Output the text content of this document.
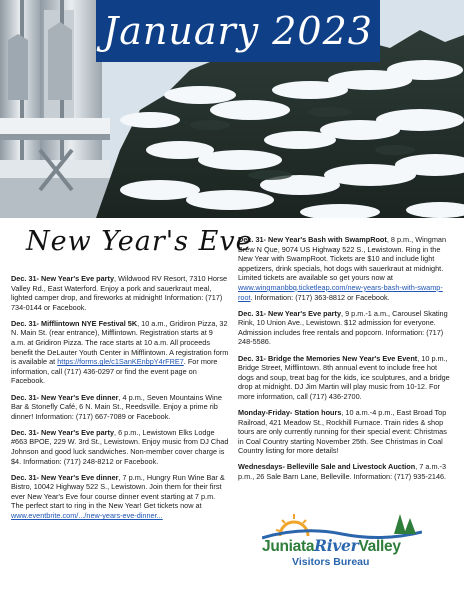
January 2023
New Year's Eve

Dec. 31- New Year's Eve party, Wildwood RV Resort, 7310 Horse Valley Rd., East Waterford. Enjoy a pork and sauerkraut meal, lighted camper drop, and fireworks at midnight! Information: (717) 734-0144 or Facebook.

Dec. 31- Mifflintown NYE Festival 5K, 10 a.m., Gridiron Pizza, 32 N. Main St. (rear entrance), Mifflintown. Registration starts at 9 a.m. at Gridiron Pizza. The race starts at 10 a.m. All proceeds benefit the DeLauter Youth Center in Mifflintown. A registration form is available at https://forms.gle/c1SanKEnbpY4rFRE7. For more information, call (717) 436-0297 or find the event page on Facebook.

Dec. 31- New Year's Eve dinner, 4 p.m., Seven Mountains Wine Bar & Stonefly Café, 6 N. Main St., Reedsville. Enjoy a prime rib dinner! Information: (717) 667-7089 or Facebook.

Dec. 31- New Year's Eve party, 6 p.m., Lewistown Elks Lodge #663 BPOE, 229 W. 3rd St., Lewistown. Enjoy music from DJ Chad Johnson and good luck sandwiches. Non-member cover charge is $4. Information: (717) 248-8212 or Facebook.

Dec. 31- New Year's Eve dinner, 7 p.m., Hungry Run Wine Bar & Bistro, 10042 Highway 522 S., Lewistown. Join them for their first ever New Year's Eve four course dinner event starting at 7 p.m. The perfect start to ring in the New Year! Get tickets now at www.eventbrite.com/.../new-years-eve-dinner...

Dec. 31- New Year's Bash with SwampRoot, 8 p.m., Wingman Brew N Que, 9074 US Highway 522 S., Lewistown. Ring in the New Year with SwampRoot. Tickets are $10 and include light appetizers, drink specials, hot dogs with sauerkraut at midnight. Limited tickets are available so get yours now at www.wingmanbbq.ticketleap.com/new-years-bash-with-swamp-root. Information: (717) 363-8812 or Facebook.

Dec. 31- New Year's Eve party, 9 p.m.-1 a.m., Carousel Skating Rink, 10 Union Ave., Lewistown. $12 admission for everyone. Admission includes free rentals and popcorn. Information: (717) 248-5586.

Dec. 31- Bridge the Memories New Year's Eve Event, 10 p.m., Bridge Street, Mifflintown. 8th annual event to include free hot dogs and soup, treat bag for the kids, ice sculptures, and a bridge drop at midnight. DJ Jim Martin will play music from 10-12. For more information, call (717) 436-2700.

Monday-Friday- Station hours, 10 a.m.-4 p.m., East Broad Top Railroad, 421 Meadow St., Rockhill Furnace. Train rides & shop tours are only currently running for their special event: Christmas in Coal Country starting November 25th. See Christmas in Coal Country listing for more details!

Wednesdays- Belleville Sale and Livestock Auction, 7 a.m.-3 p.m., 26 Sale Barn Lane, Belleville. Information: (717) 935-2146.

JuniataRiverValley
Visitors Bureau
